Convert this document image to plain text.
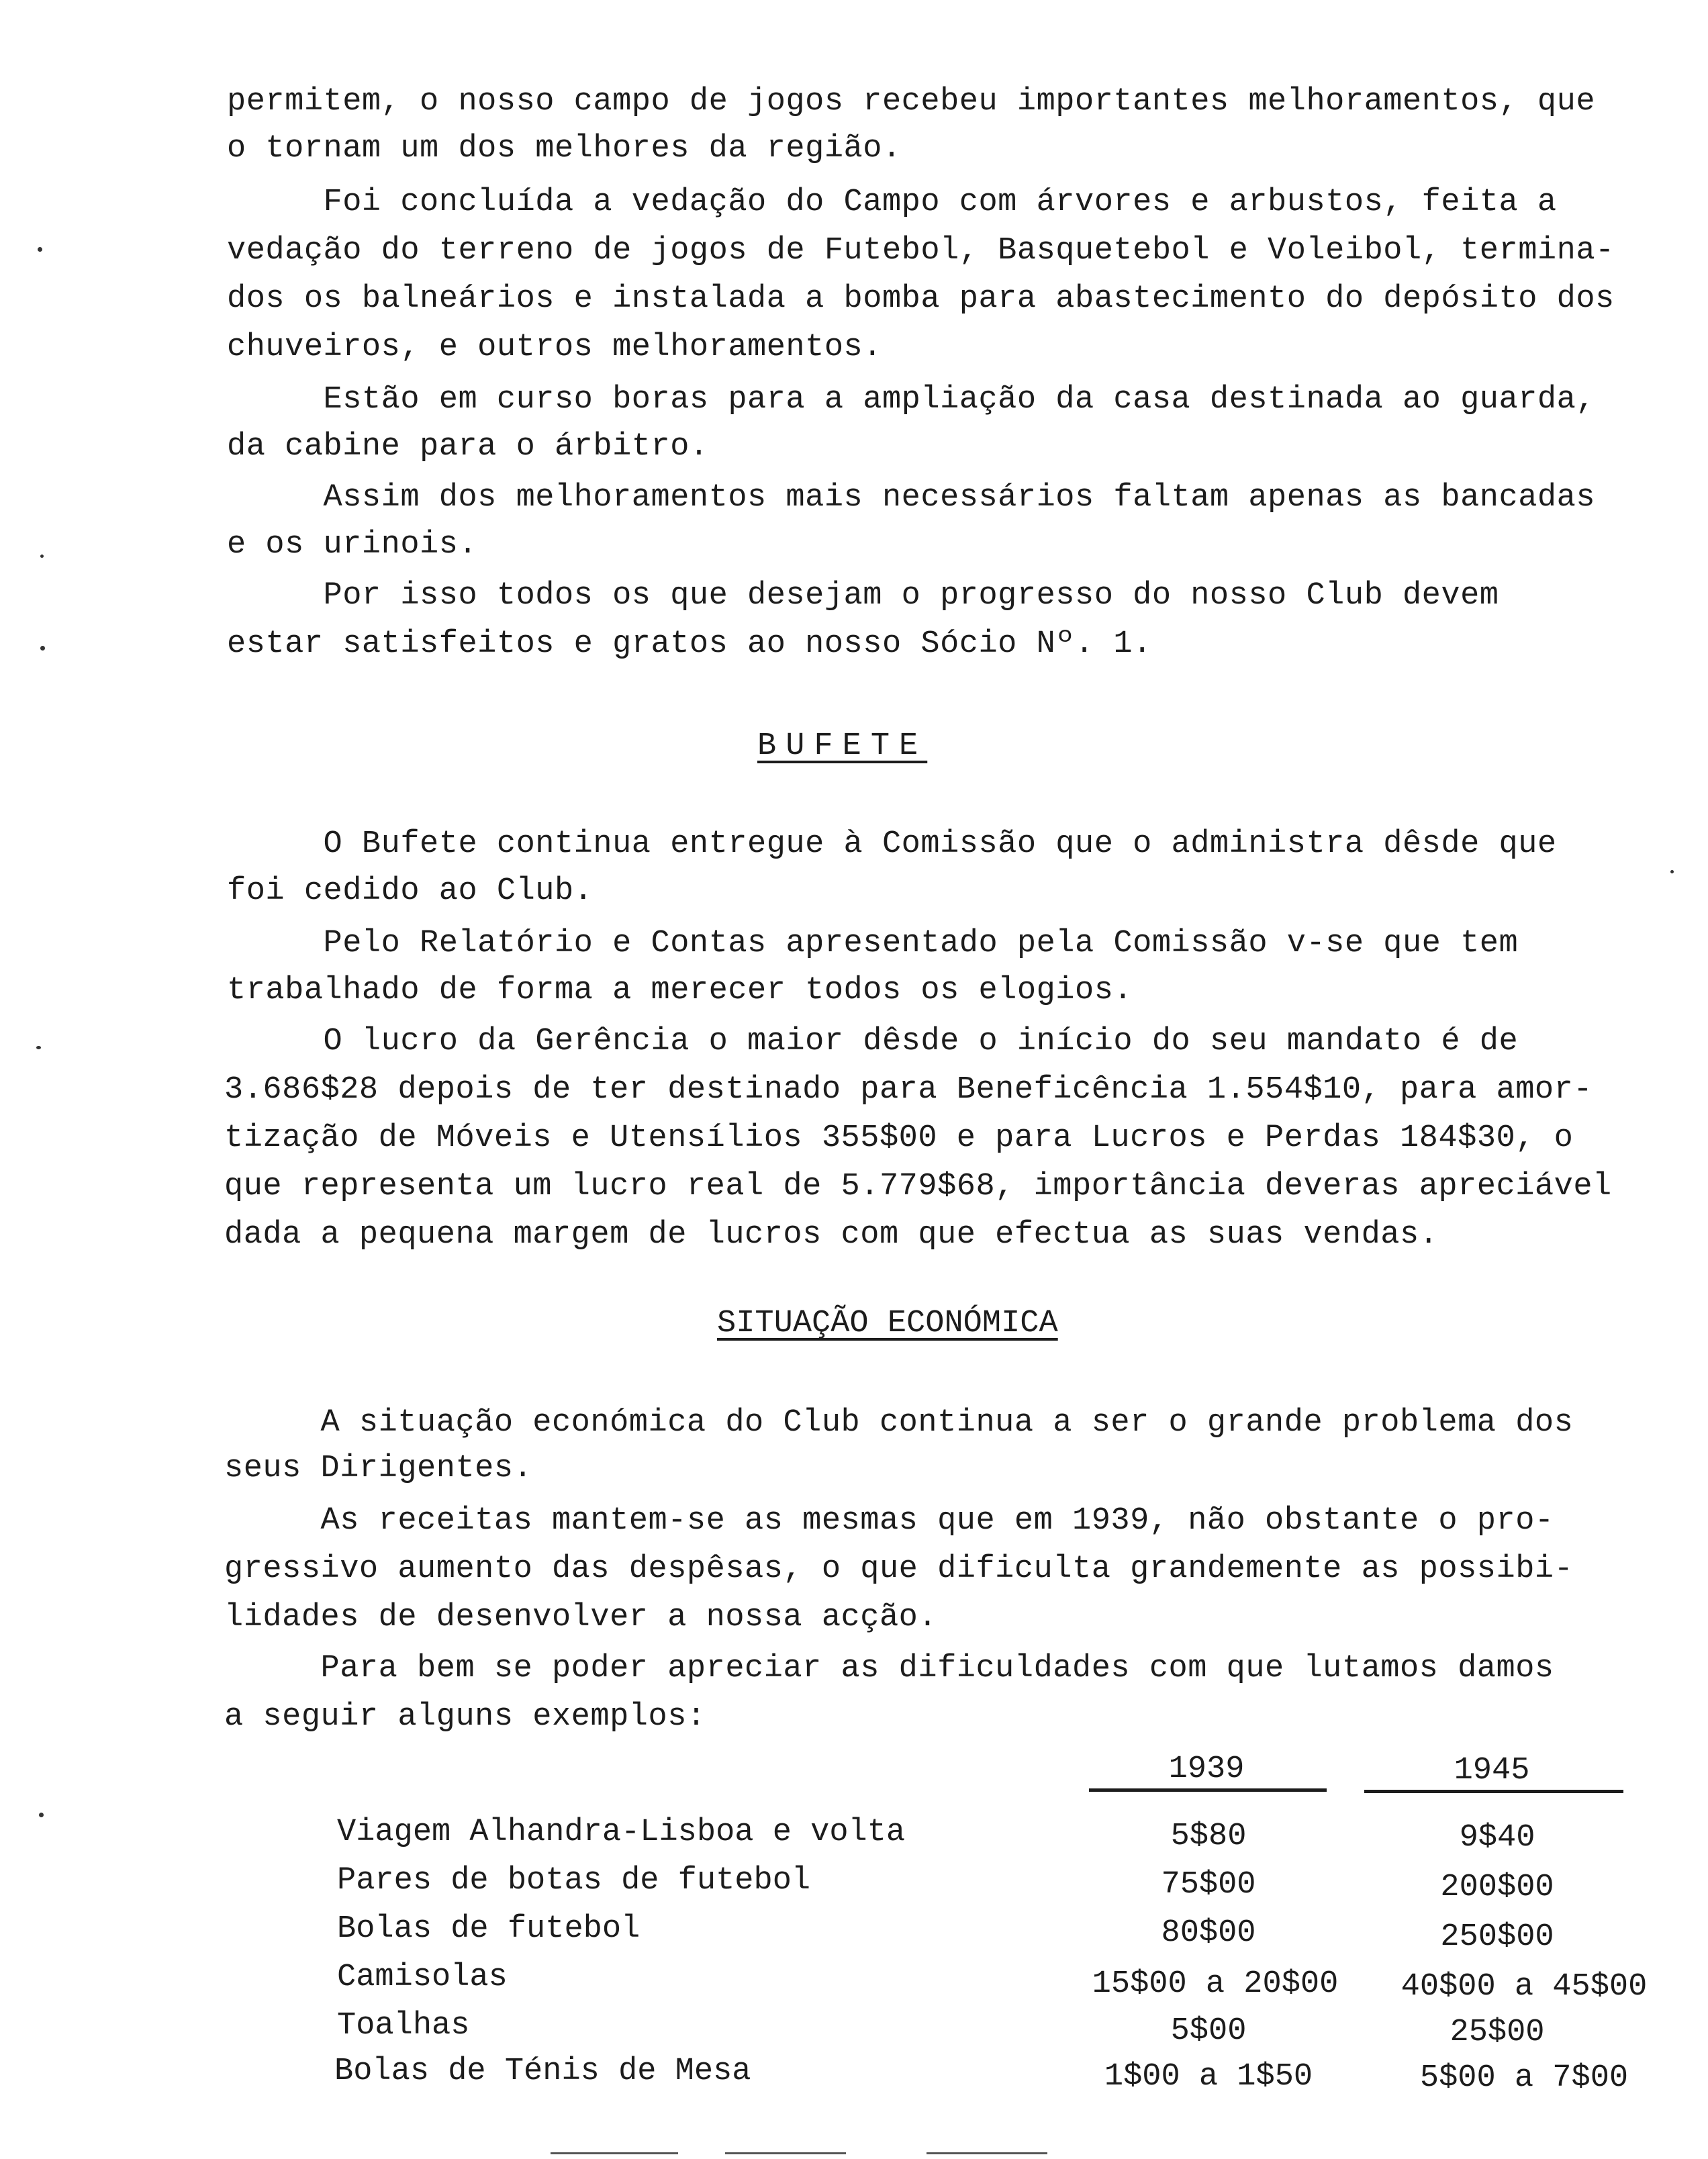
permitem, o nosso campo de jogos recebeu importantes melhoramentos, que
o tornam um dos melhores da região.
Foi concluída a vedação do Campo com árvores e arbustos, feita a
vedação do terreno de jogos de Futebol, Basquetebol e Voleibol, termina-
dos os balneários e instalada a bomba para abastecimento do depósito dos
chuveiros, e outros melhoramentos.
Estão em curso boras para a ampliação da casa destinada ao guarda,
da cabine para o árbitro.
Assim dos melhoramentos mais necessários faltam apenas as bancadas
e os urinois.
Por isso todos os que desejam o progresso do nosso Club devem
estar satisfeitos e gratos ao nosso Sócio Nº. 1.
BUFETE
O Bufete continua entregue à Comissão que o administra dêsde que
foi cedido ao Club.
Pelo Relatório e Contas apresentado pela Comissão v-se que tem
trabalhado de forma a merecer todos os elogios.
O lucro da Gerência o maior dêsde o início do seu mandato é de
3.686$28 depois de ter destinado para Beneficência 1.554$10, para amor-
tização de Móveis e Utensílios 355$00 e para Lucros e Perdas 184$30, o
que representa um lucro real de 5.779$68, importância deveras apreciável
dada a pequena margem de lucros com que efectua as suas vendas.
SITUAÇÃO ECONÓMICA
A situação económica do Club continua a ser o grande problema dos
seus Dirigentes.
As receitas mantem-se as mesmas que em 1939, não obstante o pro-
gressivo aumento das despêsas, o que dificulta grandemente as possibi-
lidades de desenvolver a nossa acção.
Para bem se poder apreciar as dificuldades com que lutamos damos
a seguir alguns exemplos:
1939	1945
Viagem Alhandra-Lisboa e volta	5$80	9$40
Pares de botas de futebol	75$00	200$00
Bolas de futebol	80$00	250$00
Camisolas	15$00 a 20$00	40$00 a 45$00
Toalhas	5$00	25$00
Bolas de Ténis de Mesa	1$00 a 1$50	5$00 a 7$00
